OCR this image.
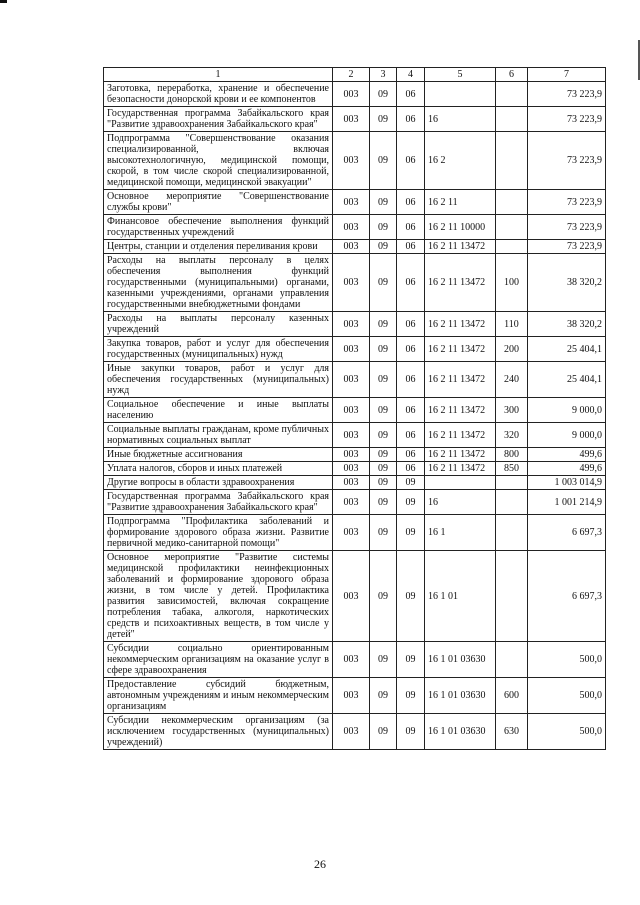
1	2	3	4	5	6	7
Заготовка, переработка, хранение и обеспечение безопасности донорской крови и ее компонентов	003	09	06			73 223,9
Государственная программа Забайкальского края "Развитие здравоохранения Забайкальского края"	003	09	06	16		73 223,9
Подпрограмма "Совершенствование оказания специализированной, включая высокотехнологичную, медицинской помощи, скорой, в том числе скорой специализированной, медицинской помощи, медицинской эвакуации"	003	09	06	16 2		73 223,9
Основное мероприятие "Совершенствование службы крови"	003	09	06	16 2 11		73 223,9
Финансовое обеспечение выполнения функций государственных учреждений	003	09	06	16 2 11 10000		73 223,9
Центры, станции и отделения переливания крови	003	09	06	16 2 11 13472		73 223,9
Расходы на выплаты персоналу в целях обеспечения выполнения функций государственными (муниципальными) органами, казенными учреждениями, органами управления государственными внебюджетными фондами	003	09	06	16 2 11 13472	100	38 320,2
Расходы на выплаты персоналу казенных учреждений	003	09	06	16 2 11 13472	110	38 320,2
Закупка товаров, работ и услуг для обеспечения государственных (муниципальных) нужд	003	09	06	16 2 11 13472	200	25 404,1
Иные закупки товаров, работ и услуг для обеспечения государственных (муниципальных) нужд	003	09	06	16 2 11 13472	240	25 404,1
Социальное обеспечение и иные выплаты населению	003	09	06	16 2 11 13472	300	9 000,0
Социальные выплаты гражданам, кроме публичных нормативных социальных выплат	003	09	06	16 2 11 13472	320	9 000,0
Иные бюджетные ассигнования	003	09	06	16 2 11 13472	800	499,6
Уплата налогов, сборов и иных платежей	003	09	06	16 2 11 13472	850	499,6
Другие вопросы в области здравоохранения	003	09	09			1 003 014,9
Государственная программа Забайкальского края "Развитие здравоохранения Забайкальского края"	003	09	09	16		1 001 214,9
Подпрограмма "Профилактика заболеваний и формирование здорового образа жизни. Развитие первичной медико-санитарной помощи"	003	09	09	16 1		6 697,3
Основное мероприятие "Развитие системы медицинской профилактики неинфекционных заболеваний и формирование здорового образа жизни, в том числе у детей. Профилактика развития зависимостей, включая сокращение потребления табака, алкоголя, наркотических средств и психоактивных веществ, в том числе у детей"	003	09	09	16 1 01		6 697,3
Субсидии социально ориентированным некоммерческим организациям на оказание услуг в сфере здравоохранения	003	09	09	16 1 01 03630		500,0
Предоставление субсидий бюджетным, автономным учреждениям и иным некоммерческим организациям	003	09	09	16 1 01 03630	600	500,0
Субсидии некоммерческим организациям (за исключением государственных (муниципальных) учреждений)	003	09	09	16 1 01 03630	630	500,0
26
